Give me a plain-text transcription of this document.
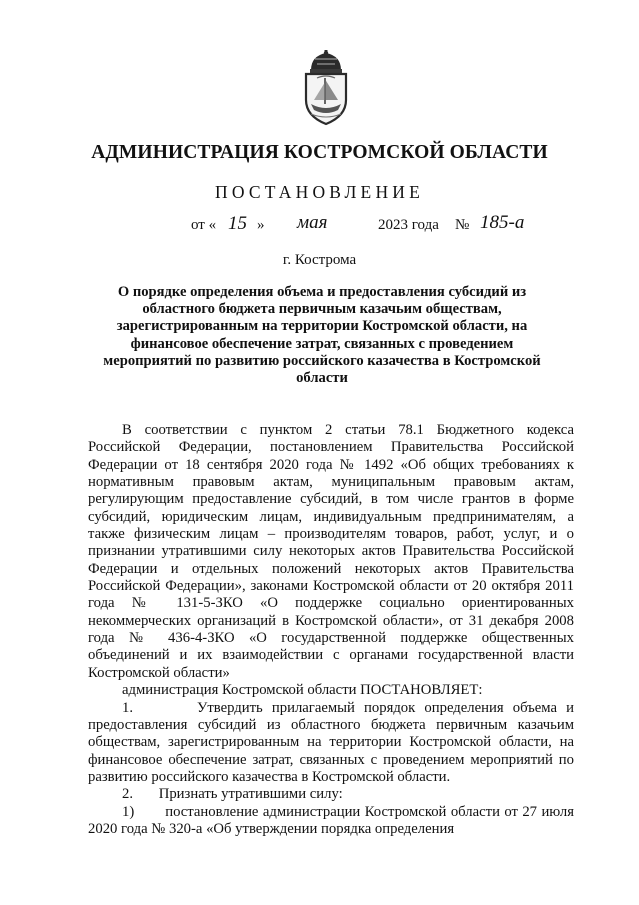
АДМИНИСТРАЦИЯ КОСТРОМСКОЙ ОБЛАСТИ
ПОСТАНОВЛЕНИЕ
от « 15 » мая	2023 года № 185-а
г. Кострома
О порядке определения объема и предоставления субсидий из областного бюджета первичным казачьим обществам, зарегистрированным на территории Костромской области, на финансовое обеспечение затрат, связанных с проведением мероприятий по развитию российского казачества в Костромской области

В соответствии с пунктом 2 статьи 78.1 Бюджетного кодекса Российской Федерации, постановлением Правительства Российской Федерации от 18 сентября 2020 года № 1492 «Об общих требованиях к нормативным правовым актам, муниципальным правовым актам, регулирующим предоставление субсидий, в том числе грантов в форме субсидий, юридическим лицам, индивидуальным предпринимателям, а также физическим лицам – производителям товаров, работ, услуг, и о признании утратившими силу некоторых актов Правительства Российской Федерации и отдельных положений некоторых актов Правительства Российской Федерации», законами Костромской области от 20 октября 2011 года № 131-5-ЗКО «О поддержке социально ориентированных некоммерческих организаций в Костромской области», от 31 декабря 2008 года № 436-4-ЗКО «О государственной поддержке общественных объединений и их взаимодействии с органами государственной власти Костромской области»

администрация Костромской области ПОСТАНОВЛЯЕТ:

1.	Утвердить прилагаемый порядок определения объема и предоставления субсидий из областного бюджета первичным казачьим обществам, зарегистрированным на территории Костромской области, на финансовое обеспечение затрат, связанных с проведением мероприятий по развитию российского казачества в Костромской области.

2. Признать утратившими силу:

1) постановление администрации Костромской области от 27 июля 2020 года № 320-а «Об утверждении порядка определения
